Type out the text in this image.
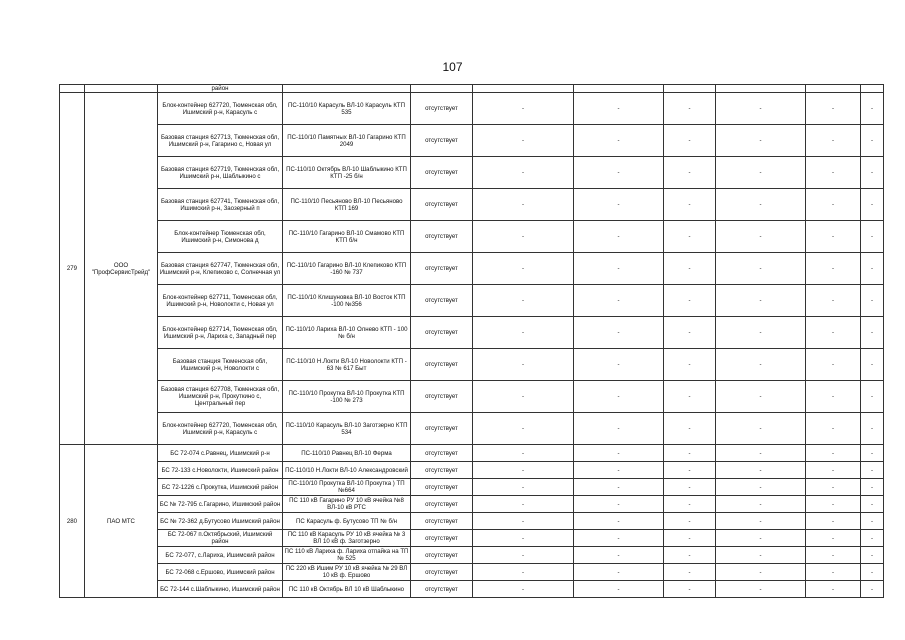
107
		район									
279	ООО "ПрофСервисТрейд"	Блок-контейнер 627720, Тюменская обл, Ишимский р-н, Карасуль с	ПС-110/10 Карасуль ВЛ-10 Карасуль КТП 535	отсутствует	-	-	-	-	-	-	
		Базовая станция 627713, Тюменская обл, Ишимский р-н, Гагарино с, Новая ул	ПС-110/10 Памятных ВЛ-10 Гагарино КТП 2049	отсутствует	-	-	-	-	-	-	
		Базовая станция 627719, Тюменская обл, Ишимский р-н, Шаблыкино с	ПС-110/10 Октябрь ВЛ-10 Шаблыкино КТП КТП -25 б/н	отсутствует	-	-	-	-	-	-	
		Базовая станция 627741, Тюменская обл, Ишимский р-н, Заозерный п	ПС-110/10 Песьяново ВЛ-10 Песьяново КТП 169	отсутствует	-	-	-	-	-	-	
		Блок-контейнер Тюменская обл, Ишимский р-н, Симонова д	ПС-110/10 Гагарино ВЛ-10 Смамово КТП КТП б/н	отсутствует	-	-	-	-	-	-	
		Базовая станция 627747, Тюменская обл, Ишимский р-н, Клепиково с, Солнечная ул	ПС-110/10 Гагарино ВЛ-10 Клепиково КТП -160 № 737	отсутствует	-	-	-	-	-	-	
		Блок-контейнер 627711, Тюменская обл, Ишимский р-н, Новолокти с, Новая ул	ПС-110/10 Клишуновка ВЛ-10 Восток КТП -100 №356	отсутствует	-	-	-	-	-	-	
		Блок-контейнер 627714, Тюменская обл, Ишимский р-н, Ларихa с, Западный пер	ПС-110/10 Ларихa ВЛ-10 Олнево КТП - 100 № б/н	отсутствует	-	-	-	-	-	-	
		Базовая станция Тюменская обл, Ишимский р-н, Новолокти с	ПС-110/10 Н.Локти ВЛ-10 Новолокти КТП - 63 № 617 Быт	отсутствует	-	-	-	-	-	-	
		Базовая станция 627708, Тюменская обл, Ишимский р-н, Прокуткино с, Центральный пер	ПС-110/10 Прокутка ВЛ-10 Прокутка КТП -100 № 273	отсутствует	-	-	-	-	-	-	
		Блок-контейнер 627720, Тюменская обл, Ишимский р-н, Карасуль с	ПС-110/10 Карасуль ВЛ-10 Заготзерно КТП 534	отсутствует	-	-	-	-	-	-	
280	ПАО МТС	БС 72-074 с.Равнец, Ишимский р-н	ПС-110/10 Равнец ВЛ-10 Ферма	отсутствует	-	-	-	-	-	-	
		БС 72-133 с.Новолокти, Ишимский район	ПС-110/10 Н.Локти ВЛ-10 Александровский	отсутствует	-	-	-	-	-	-	
		БС 72-1226 с.Прокутка, Ишимский район	ПС-110/10 Прокутка ВЛ-10 Прокутка ) ТП №664	отсутствует	-	-	-	-	-	-	
		БС № 72-795 с.Гагарино, Ишимский район	ПС 110 кВ Гагарино РУ 10 кВ ячейка №8 ВЛ-10 кВ РТС	отсутствует	-	-	-	-	-	-	
		БС № 72-362 д.Бутусово Ишимский район	ПС Карасуль ф. Бутусово ТП № б/н	отсутствует	-	-	-	-	-	-	
		БС 72-067 п.Октябрьский, Ишимский район	ПС 110 кВ Карасуль РУ 10 кВ ячейка № 3 ВЛ 10 кВ ф. Заготзерно	отсутствует	-	-	-	-	-	-	
		БС 72-077, с.Ларихa, Ишимский район	ПС 110 кВ Ларихa ф. Ларихa отпайка на ТП № 525	отсутствует	-	-	-	-	-	-	
		БС 72-068 с.Ершово, Ишимский район	ПС 220 кВ Ишим РУ 10 кВ ячейка № 29 ВЛ 10 кВ ф. Ершово	отсутствует	-	-	-	-	-	-	
		БС 72-144 с.Шаблыкино, Ишимский район	ПС 110 кВ Октябрь ВЛ 10 кВ Шаблыкино	отсутствует	-	-	-	-	-	-	
